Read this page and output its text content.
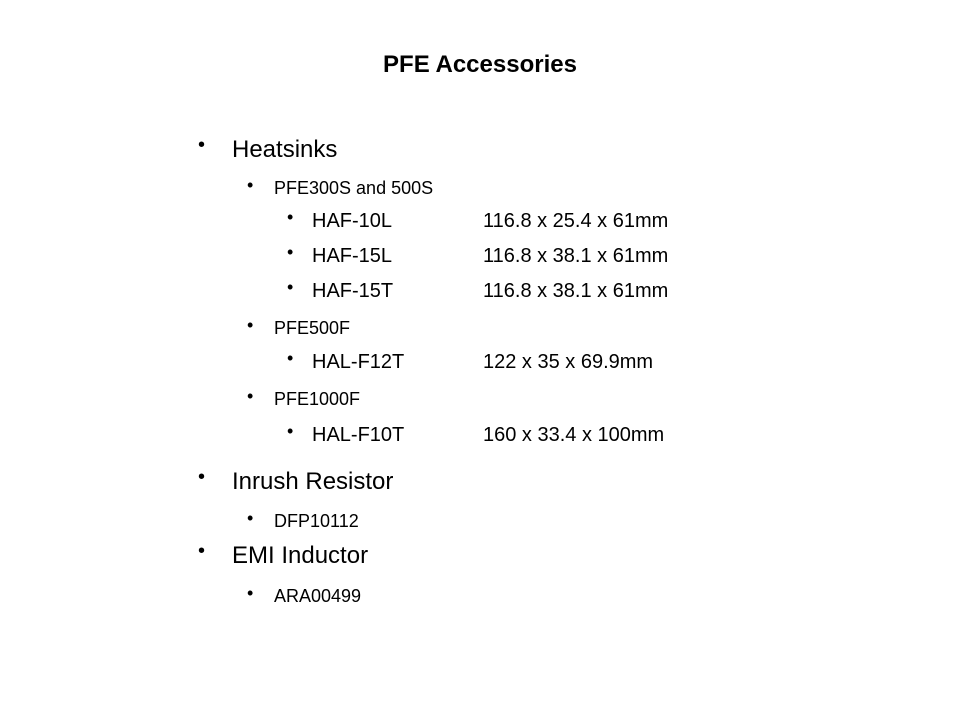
PFE Accessories
• Heatsinks
• PFE300S and 500S
• HAF-10L	116.8 x 25.4 x 61mm
• HAF-15L	116.8 x 38.1 x 61mm
• HAF-15T	116.8 x 38.1 x 61mm
• PFE500F
• HAL-F12T	122 x 35 x 69.9mm
• PFE1000F
• HAL-F10T	160 x 33.4 x 100mm
• Inrush Resistor
• DFP10112
• EMI Inductor
• ARA00499
